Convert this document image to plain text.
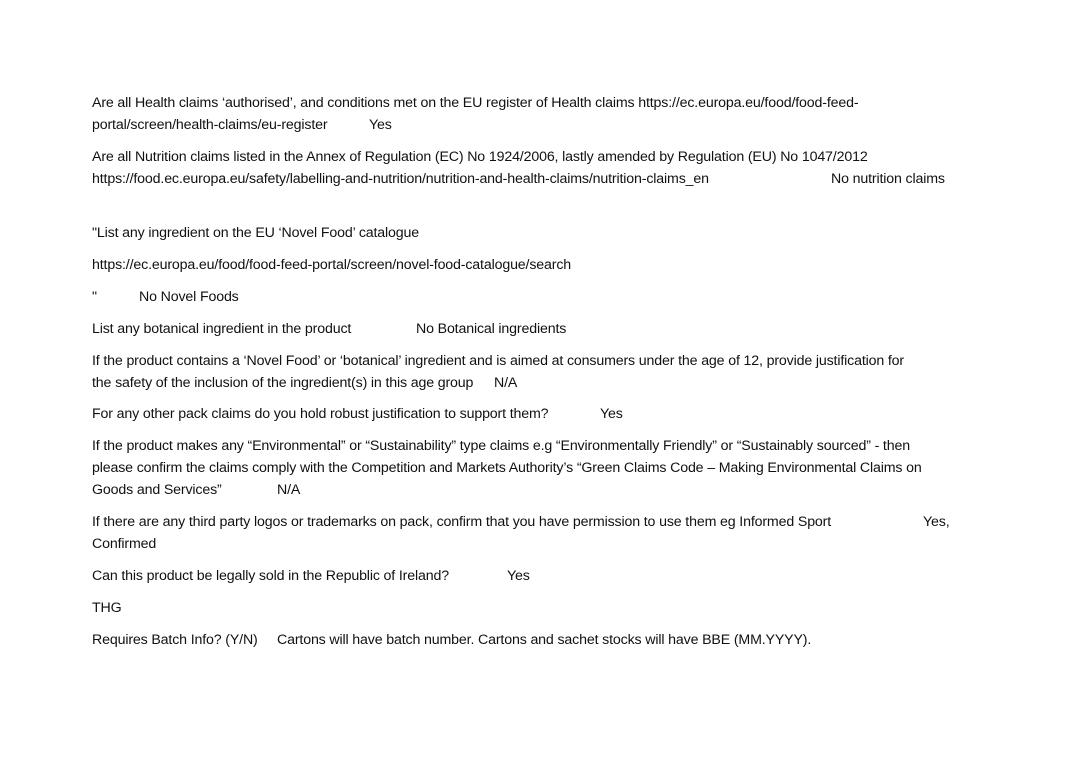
Are all Health claims ‘authorised’, and conditions met on the EU register of Health claims https://ec.europa.eu/food/food-feed-
portal/screen/health-claims/eu-register	Yes
Are all Nutrition claims listed in the Annex of Regulation (EC) No 1924/2006, lastly amended by Regulation (EU) No 1047/2012
https://food.ec.europa.eu/safety/labelling-and-nutrition/nutrition-and-health-claims/nutrition-claims_en	No nutrition claims
"List any ingredient on the EU ‘Novel Food’ catalogue
https://ec.europa.eu/food/food-feed-portal/screen/novel-food-catalogue/search
"	No Novel Foods
List any botanical ingredient in the product	No Botanical ingredients
If the product contains a ‘Novel Food’ or ‘botanical’ ingredient and is aimed at consumers under the age of 12, provide justification for
the safety of the inclusion of the ingredient(s) in this age group N/A
For any other pack claims do you hold robust justification to support them?	Yes
If the product makes any “Environmental” or “Sustainability” type claims e.g “Environmentally Friendly” or “Sustainably sourced” - then
please confirm the claims comply with the Competition and Markets Authority’s “Green Claims Code – Making Environmental Claims on
Goods and Services”	N/A
If there are any third party logos or trademarks on pack, confirm that you have permission to use them eg Informed Sport	Yes,
Confirmed
Can this product be legally sold in the Republic of Ireland?	Yes
THG
Requires Batch Info? (Y/N) Cartons will have batch number. Cartons and sachet stocks will have BBE (MM.YYYY).
